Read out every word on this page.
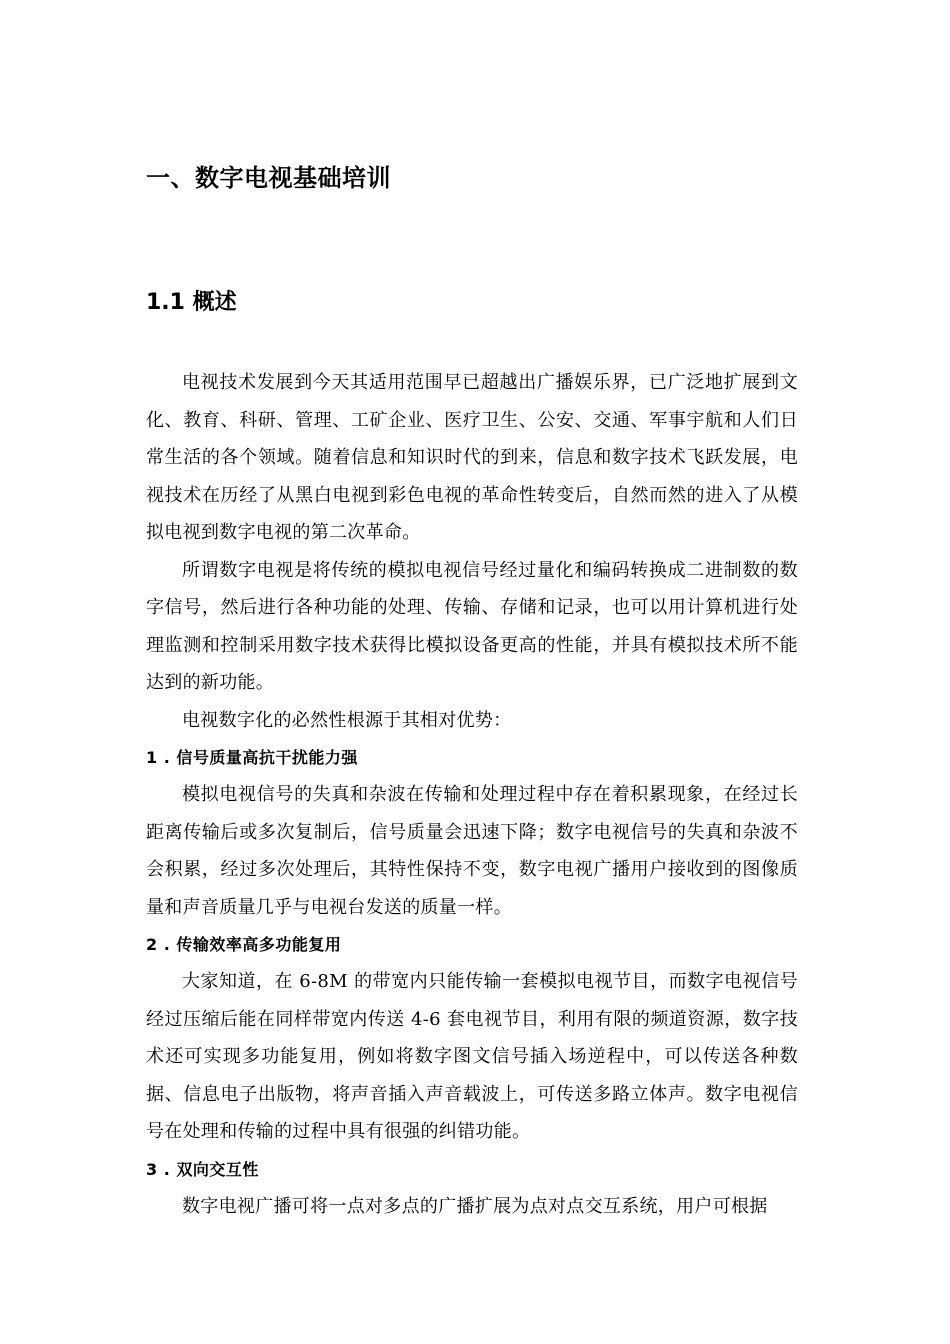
一、数字电视基础培训
1.1 概述

电视技术发展到今天其适用范围早已超越出广播娱乐界，已广泛地扩展到文化、教育、科研、管理、工矿企业、医疗卫生、公安、交通、军事宇航和人们日常生活的各个领域。随着信息和知识时代的到来，信息和数字技术飞跃发展，电视技术在历经了从黑白电视到彩色电视的革命性转变后，自然而然的进入了从模拟电视到数字电视的第二次革命。

所谓数字电视是将传统的模拟电视信号经过量化和编码转换成二进制数的数字信号，然后进行各种功能的处理、传输、存储和记录，也可以用计算机进行处理监测和控制采用数字技术获得比模拟设备更高的性能，并具有模拟技术所不能达到的新功能。

电视数字化的必然性根源于其相对优势：

1 . 信号质量高抗干扰能力强

模拟电视信号的失真和杂波在传输和处理过程中存在着积累现象，在经过长距离传输后或多次复制后，信号质量会迅速下降；数字电视信号的失真和杂波不会积累，经过多次处理后，其特性保持不变，数字电视广播用户接收到的图像质量和声音质量几乎与电视台发送的质量一样。

2 . 传输效率高多功能复用

大家知道，在 6-8M 的带宽内只能传输一套模拟电视节目，而数字电视信号经过压缩后能在同样带宽内传送 4-6 套电视节目，利用有限的频道资源，数字技术还可实现多功能复用，例如将数字图文信号插入场逆程中，可以传送各种数据、信息电子出版物，将声音插入声音载波上，可传送多路立体声。数字电视信号在处理和传输的过程中具有很强的纠错功能。

3 . 双向交互性

数字电视广播可将一点对多点的广播扩展为点对点交互系统，用户可根据
